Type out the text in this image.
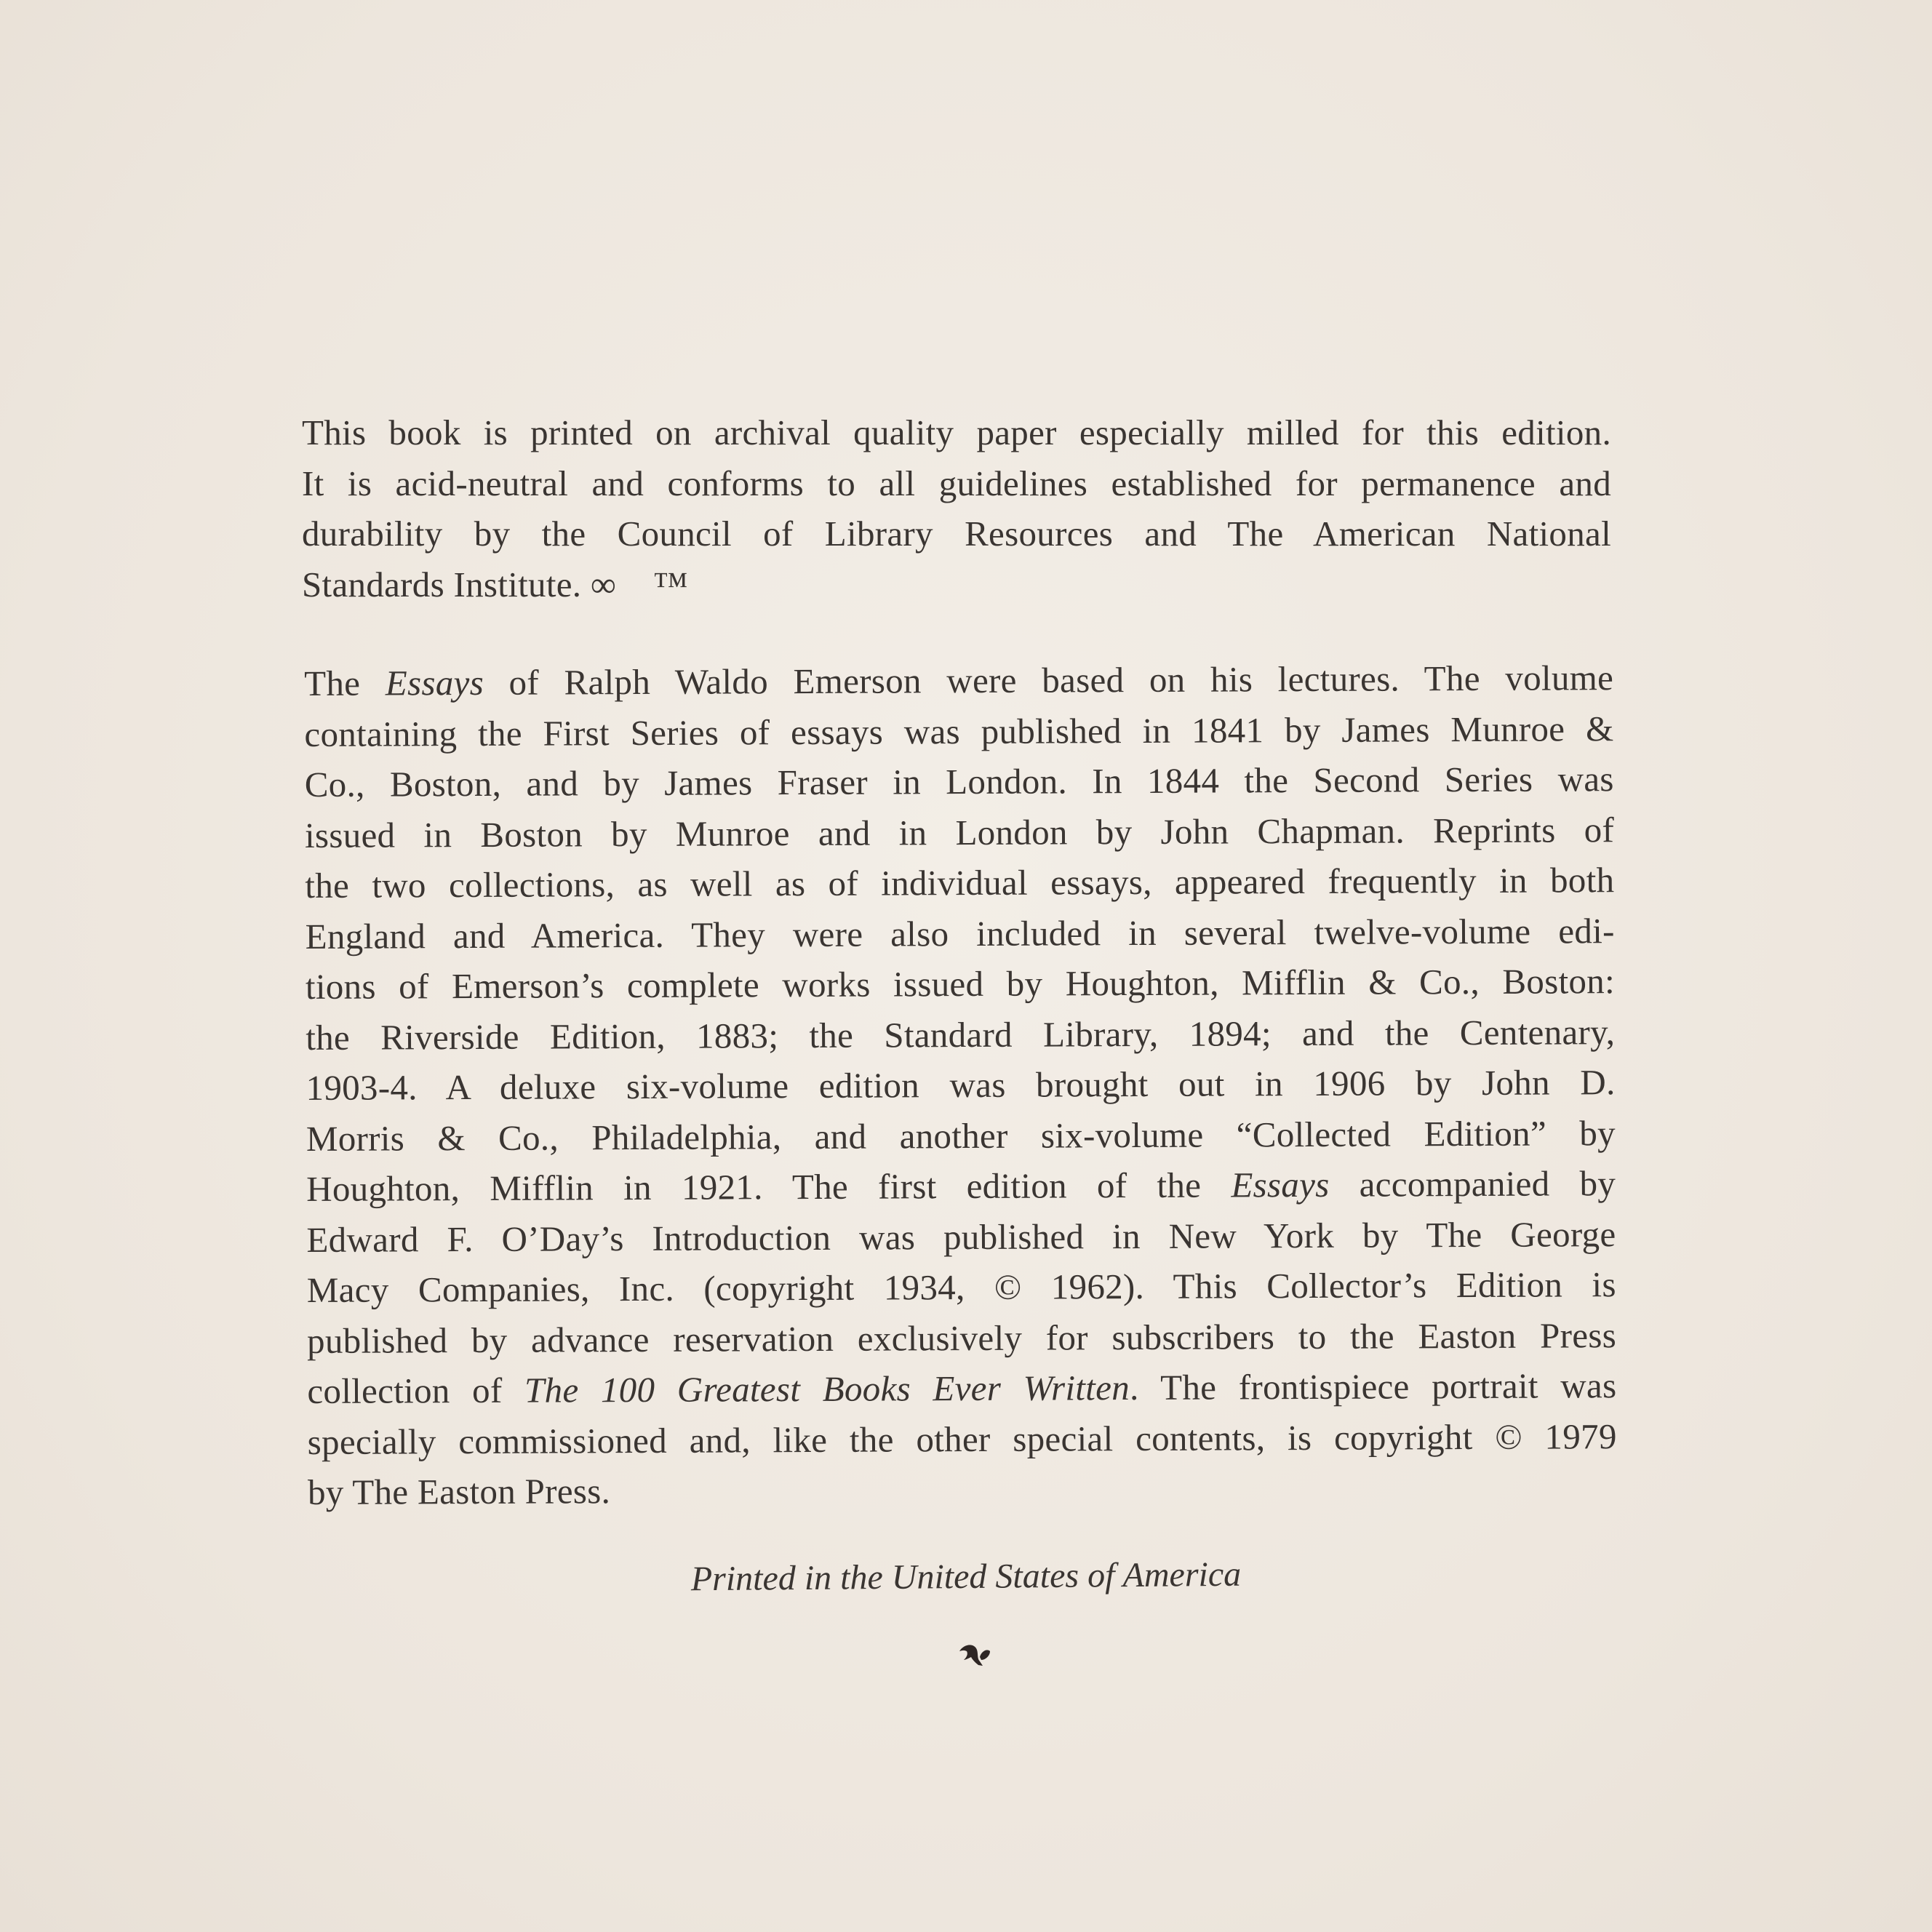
This book is printed on archival quality paper especially milled for this edition.
It is acid-neutral and conforms to all guidelines established for permanence and
durability by the Council of Library Resources and The American National
Standards Institute. ∞⃝ ™
The Essays of Ralph Waldo Emerson were based on his lectures. The volume
containing the First Series of essays was published in 1841 by James Munroe &
Co., Boston, and by James Fraser in London. In 1844 the Second Series was
issued in Boston by Munroe and in London by John Chapman. Reprints of
the two collections, as well as of individual essays, appeared frequently in both
England and America. They were also included in several twelve-volume edi-
tions of Emerson’s complete works issued by Houghton, Mifflin & Co., Boston:
the Riverside Edition, 1883; the Standard Library, 1894; and the Centenary,
1903-4. A deluxe six-volume edition was brought out in 1906 by John D.
Morris & Co., Philadelphia, and another six-volume “Collected Edition” by
Houghton, Mifflin in 1921. The first edition of the Essays accompanied by
Edward F. O’Day’s Introduction was published in New York by The George
Macy Companies, Inc. (copyright 1934, © 1962). This Collector’s Edition is
published by advance reservation exclusively for subscribers to the Easton Press
collection of The 100 Greatest Books Ever Written. The frontispiece portrait was
specially commissioned and, like the other special contents, is copyright © 1979
by The Easton Press.
Printed in the United States of America
